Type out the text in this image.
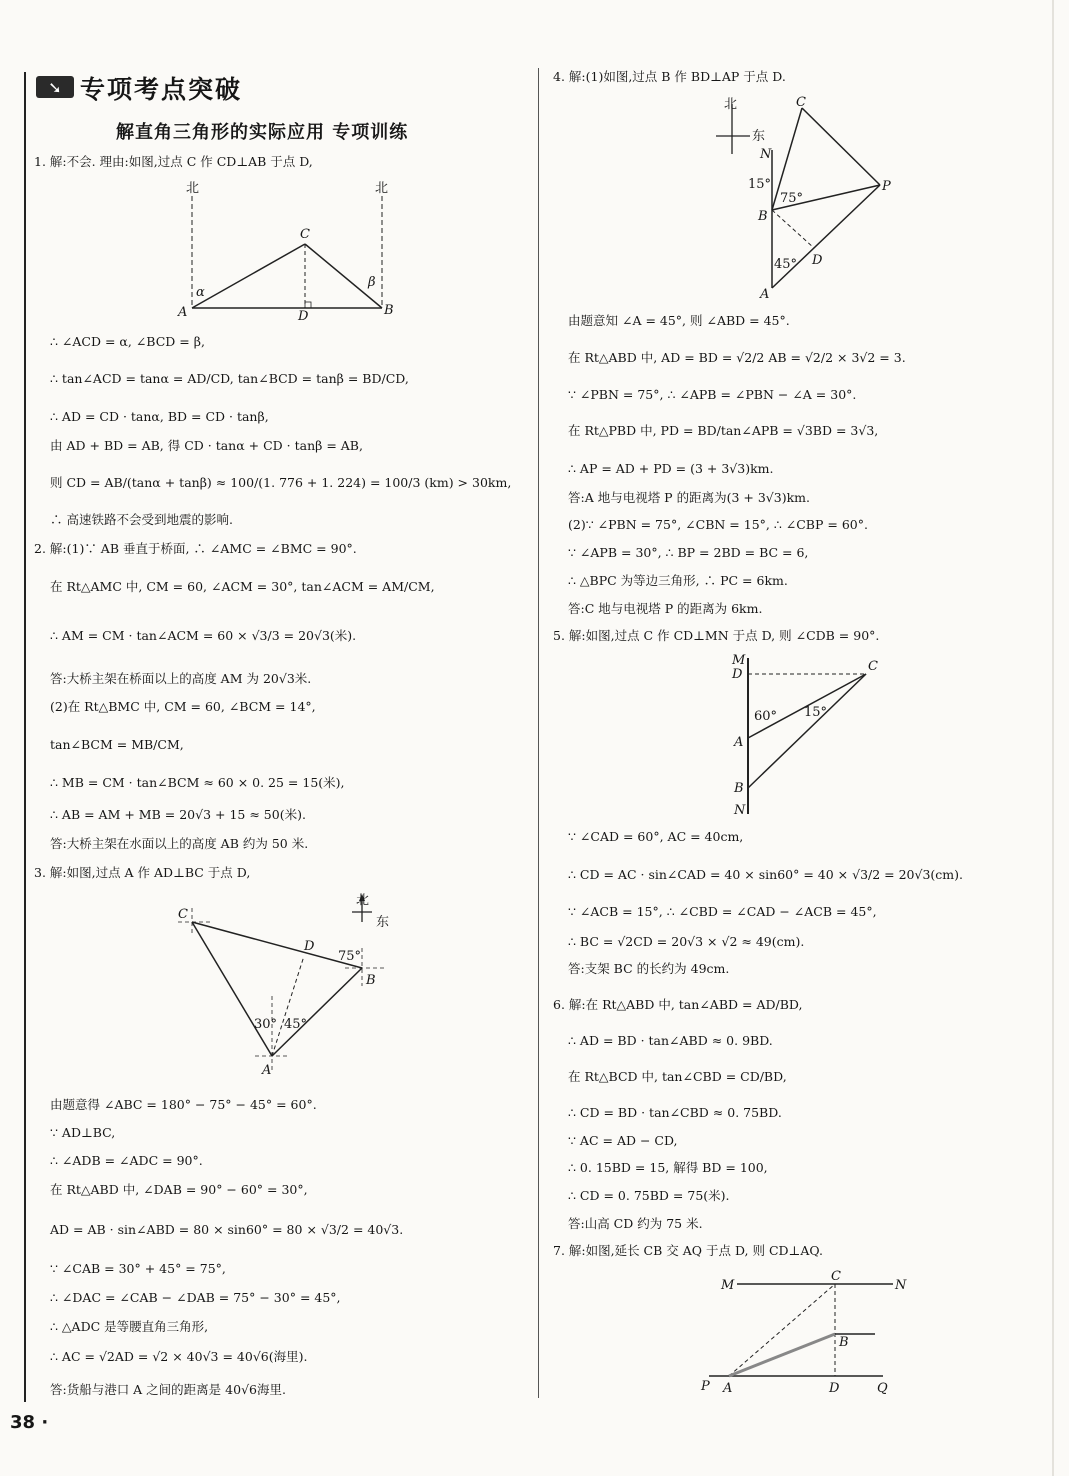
➘ 专项考点突破
解直角三角形的实际应用 专项训练
1. 解:不会. 理由:如图,过点 C 作 CD⊥AB 于点 D,
∴ ∠ACD = α, ∠BCD = β,
∴ tan∠ACD = tanα = AD/CD, tan∠BCD = tanβ = BD/CD,
∴ AD = CD · tanα, BD = CD · tanβ,
由 AD + BD = AB, 得 CD · tanα + CD · tanβ = AB,
则 CD = AB/(tanα + tanβ) ≈ 100/(1. 776 + 1. 224) = 100/3 (km) > 30km,
∴ 高速铁路不会受到地震的影响.
2. 解:(1)∵ AB 垂直于桥面, ∴ ∠AMC = ∠BMC = 90°.
在 Rt△AMC 中, CM = 60, ∠ACM = 30°, tan∠ACM = AM/CM,
∴ AM = CM · tan∠ACM = 60 × √3/3 = 20√3(米).
答:大桥主架在桥面以上的高度 AM 为 20√3米.
(2)在 Rt△BMC 中, CM = 60, ∠BCM = 14°,
tan∠BCM = MB/CM,
∴ MB = CM · tan∠BCM ≈ 60 × 0. 25 = 15(米),
∴ AB = AM + MB = 20√3 + 15 ≈ 50(米).
答:大桥主架在水面以上的高度 AB 约为 50 米.
3. 解:如图,过点 A 作 AD⊥BC 于点 D,
由题意得 ∠ABC = 180° − 75° − 45° = 60°.
∵ AD⊥BC,
∴ ∠ADB = ∠ADC = 90°.
在 Rt△ABD 中, ∠DAB = 90° − 60° = 30°,
AD = AB · sin∠ABD = 80 × sin60° = 80 × √3/2 = 40√3.
∵ ∠CAB = 30° + 45° = 75°,
∴ ∠DAC = ∠CAB − ∠DAB = 75° − 30° = 45°,
∴ △ADC 是等腰直角三角形,
∴ AC = √2AD = √2 × 40√3 = 40√6(海里).
答:货船与港口 A 之间的距离是 40√6海里.
4. 解:(1)如图,过点 B 作 BD⊥AP 于点 D.
由题意知 ∠A = 45°, 则 ∠ABD = 45°.
在 Rt△ABD 中, AD = BD = √2/2 AB = √2/2 × 3√2 = 3.
∵ ∠PBN = 75°, ∴ ∠APB = ∠PBN − ∠A = 30°.
在 Rt△PBD 中, PD = BD/tan∠APB = √3BD = 3√3,
∴ AP = AD + PD = (3 + 3√3)km.
答:A 地与电视塔 P 的距离为(3 + 3√3)km.
(2)∵ ∠PBN = 75°, ∠CBN = 15°, ∴ ∠CBP = 60°.
∵ ∠APB = 30°, ∴ BP = 2BD = BC = 6,
∴ △BPC 为等边三角形, ∴ PC = 6km.
答:C 地与电视塔 P 的距离为 6km.
5. 解:如图,过点 C 作 CD⊥MN 于点 D, 则 ∠CDB = 90°.
∵ ∠CAD = 60°, AC = 40cm,
∴ CD = AC · sin∠CAD = 40 × sin60° = 40 × √3/2 = 20√3(cm).
∵ ∠ACB = 15°, ∴ ∠CBD = ∠CAD − ∠ACB = 45°,
∴ BC = √2CD = 20√3 × √2 ≈ 49(cm).
答:支架 BC 的长约为 49cm.
6. 解:在 Rt△ABD 中, tan∠ABD = AD/BD,
∴ AD = BD · tan∠ABD ≈ 0. 9BD.
在 Rt△BCD 中, tan∠CBD = CD/BD,
∴ CD = BD · tan∠CBD ≈ 0. 75BD.
∵ AC = AD − CD,
∴ 0. 15BD = 15, 解得 BD = 100,
∴ CD = 0. 75BD = 75(米).
答:山高 CD 约为 75 米.
7. 解:如图,延长 CB 交 AQ 于点 D, 则 CD⊥AQ.
北	北
C
A	B
D
α
β
北
东
C
D
B
A
75°
30° 45°
北
东
C
N
P
B
D
A
15°
75°
45°
M
D
C
A
B
N
60° 15°
M
C
N
B
P A	D	Q
38 ·
